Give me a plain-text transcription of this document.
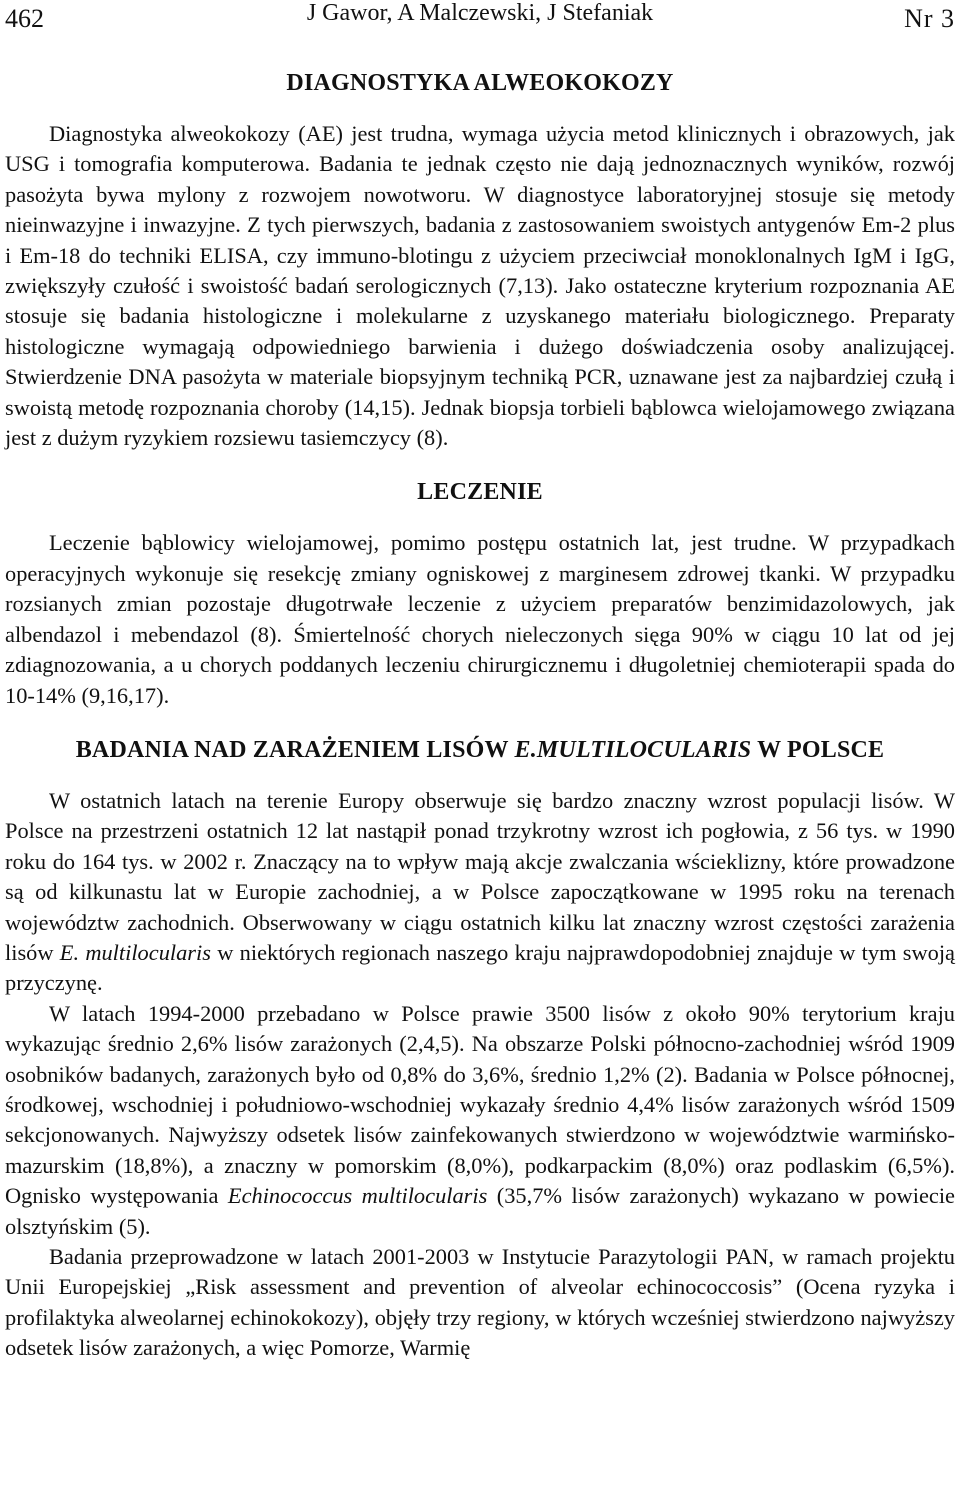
462	J Gawor, A Malczewski, J Stefaniak	Nr 3
DIAGNOSTYKA ALWEOKOKOZY

Diagnostyka alweokokozy (AE) jest trudna, wymaga użycia metod klinicznych i obrazowych, jak USG i tomografia komputerowa. Badania te jednak często nie dają jednoznacznych wyników, rozwój pasożyta bywa mylony z rozwojem nowotworu. W diagnostyce laboratoryjnej stosuje się metody nieinwazyjne i inwazyjne. Z tych pierwszych, badania z zastosowaniem swoistych antygenów Em-2 plus i Em-18 do techniki ELISA, czy immuno-blotingu z użyciem przeciwciał monoklonalnych IgM i IgG, zwiększyły czułość i swoistość badań serologicznych (7,13). Jako ostateczne kryterium rozpoznania AE stosuje się badania histologiczne i molekularne z uzyskanego materiału biologicznego. Preparaty histologiczne wymagają odpowiedniego barwienia i dużego doświadczenia osoby analizującej. Stwierdzenie DNA pasożyta w materiale biopsyjnym techniką PCR, uznawane jest za najbardziej czułą i swoistą metodę rozpoznania choroby (14,15). Jednak biopsja torbieli bąblowca wielojamowego związana jest z dużym ryzykiem rozsiewu tasiemczycy (8).

LECZENIE

Leczenie bąblowicy wielojamowej, pomimo postępu ostatnich lat, jest trudne. W przypadkach operacyjnych wykonuje się resekcję zmiany ogniskowej z marginesem zdrowej tkanki. W przypadku rozsianych zmian pozostaje długotrwałe leczenie z użyciem preparatów benzimidazolowych, jak albendazol i mebendazol (8). Śmiertelność chorych nieleczonych sięga 90% w ciągu 10 lat od jej zdiagnozowania, a u chorych poddanych leczeniu chirurgicznemu i długoletniej chemioterapii spada do 10-14% (9,16,17).

BADANIA NAD ZARAŻENIEM LISÓW E.MULTILOCULARIS W POLSCE

W ostatnich latach na terenie Europy obserwuje się bardzo znaczny wzrost populacji lisów. W Polsce na przestrzeni ostatnich 12 lat nastąpił ponad trzykrotny wzrost ich pogłowia, z 56 tys. w 1990 roku do 164 tys. w 2002 r. Znaczący na to wpływ mają akcje zwalczania wścieklizny, które prowadzone są od kilkunastu lat w Europie zachodniej, a w Polsce zapoczątkowane w 1995 roku na terenach województw zachodnich. Obserwowany w ciągu ostatnich kilku lat znaczny wzrost częstości zarażenia lisów E. multilocularis w niektórych regionach naszego kraju najprawdopodobniej znajduje w tym swoją przyczynę.

W latach 1994-2000 przebadano w Polsce prawie 3500 lisów z około 90% terytorium kraju wykazując średnio 2,6% lisów zarażonych (2,4,5). Na obszarze Polski północno-zachodniej wśród 1909 osobników badanych, zarażonych było od 0,8% do 3,6%, średnio 1,2% (2). Badania w Polsce północnej, środkowej, wschodniej i południowo-wschodniej wykazały średnio 4,4% lisów zarażonych wśród 1509 sekcjonowanych. Najwyższy odsetek lisów zainfekowanych stwierdzono w województwie warmińsko-mazurskim (18,8%), a znaczny w pomorskim (8,0%), podkarpackim (8,0%) oraz podlaskim (6,5%). Ognisko występowania Echinococcus multilocularis (35,7% lisów zarażonych) wykazano w powiecie olsztyńskim (5).

Badania przeprowadzone w latach 2001-2003 w Instytucie Parazytologii PAN, w ramach projektu Unii Europejskiej „Risk assessment and prevention of alveolar echinococcosis” (Ocena ryzyka i profilaktyka alweolarnej echinokokozy), objęły trzy regiony, w których wcześniej stwierdzono najwyższy odsetek lisów zarażonych, a więc Pomorze, Warmię
